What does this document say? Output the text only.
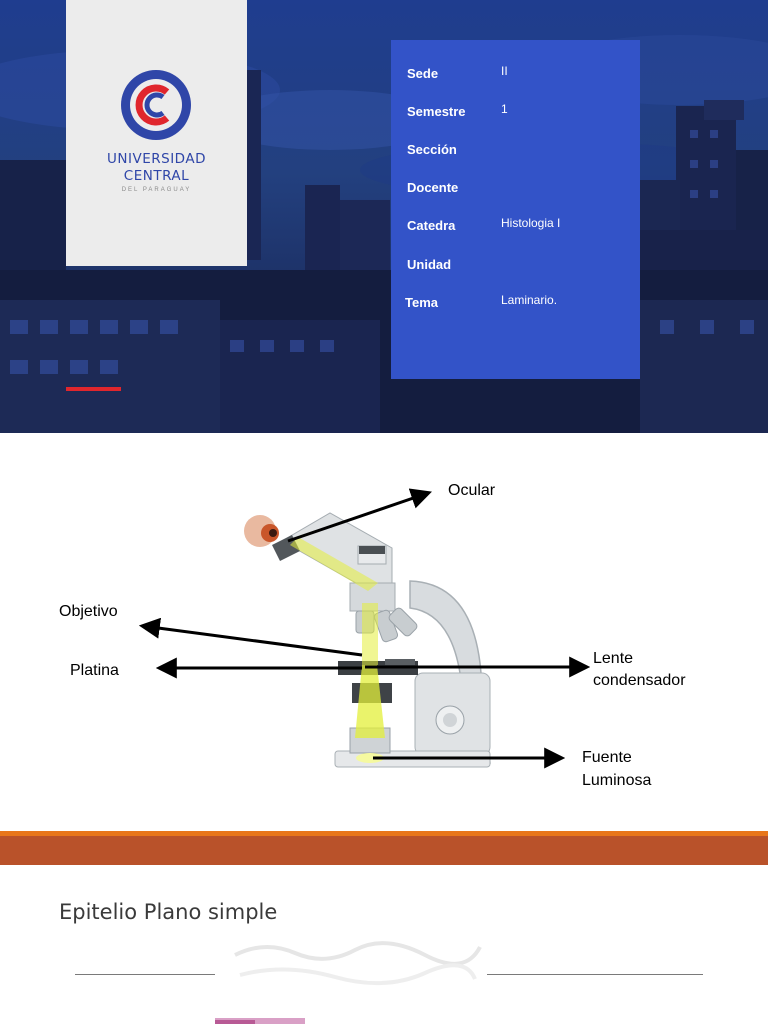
UNIVERSIDAD
CENTRAL
DEL PARAGUAY
Sede	II
Semestre	1
Sección
Docente
Catedra	Histologia I
Unidad
Tema	Laminario.
Ocular
Objetivo
Platina
Lente
condensador
Fuente
Luminosa
Epitelio Plano simple
